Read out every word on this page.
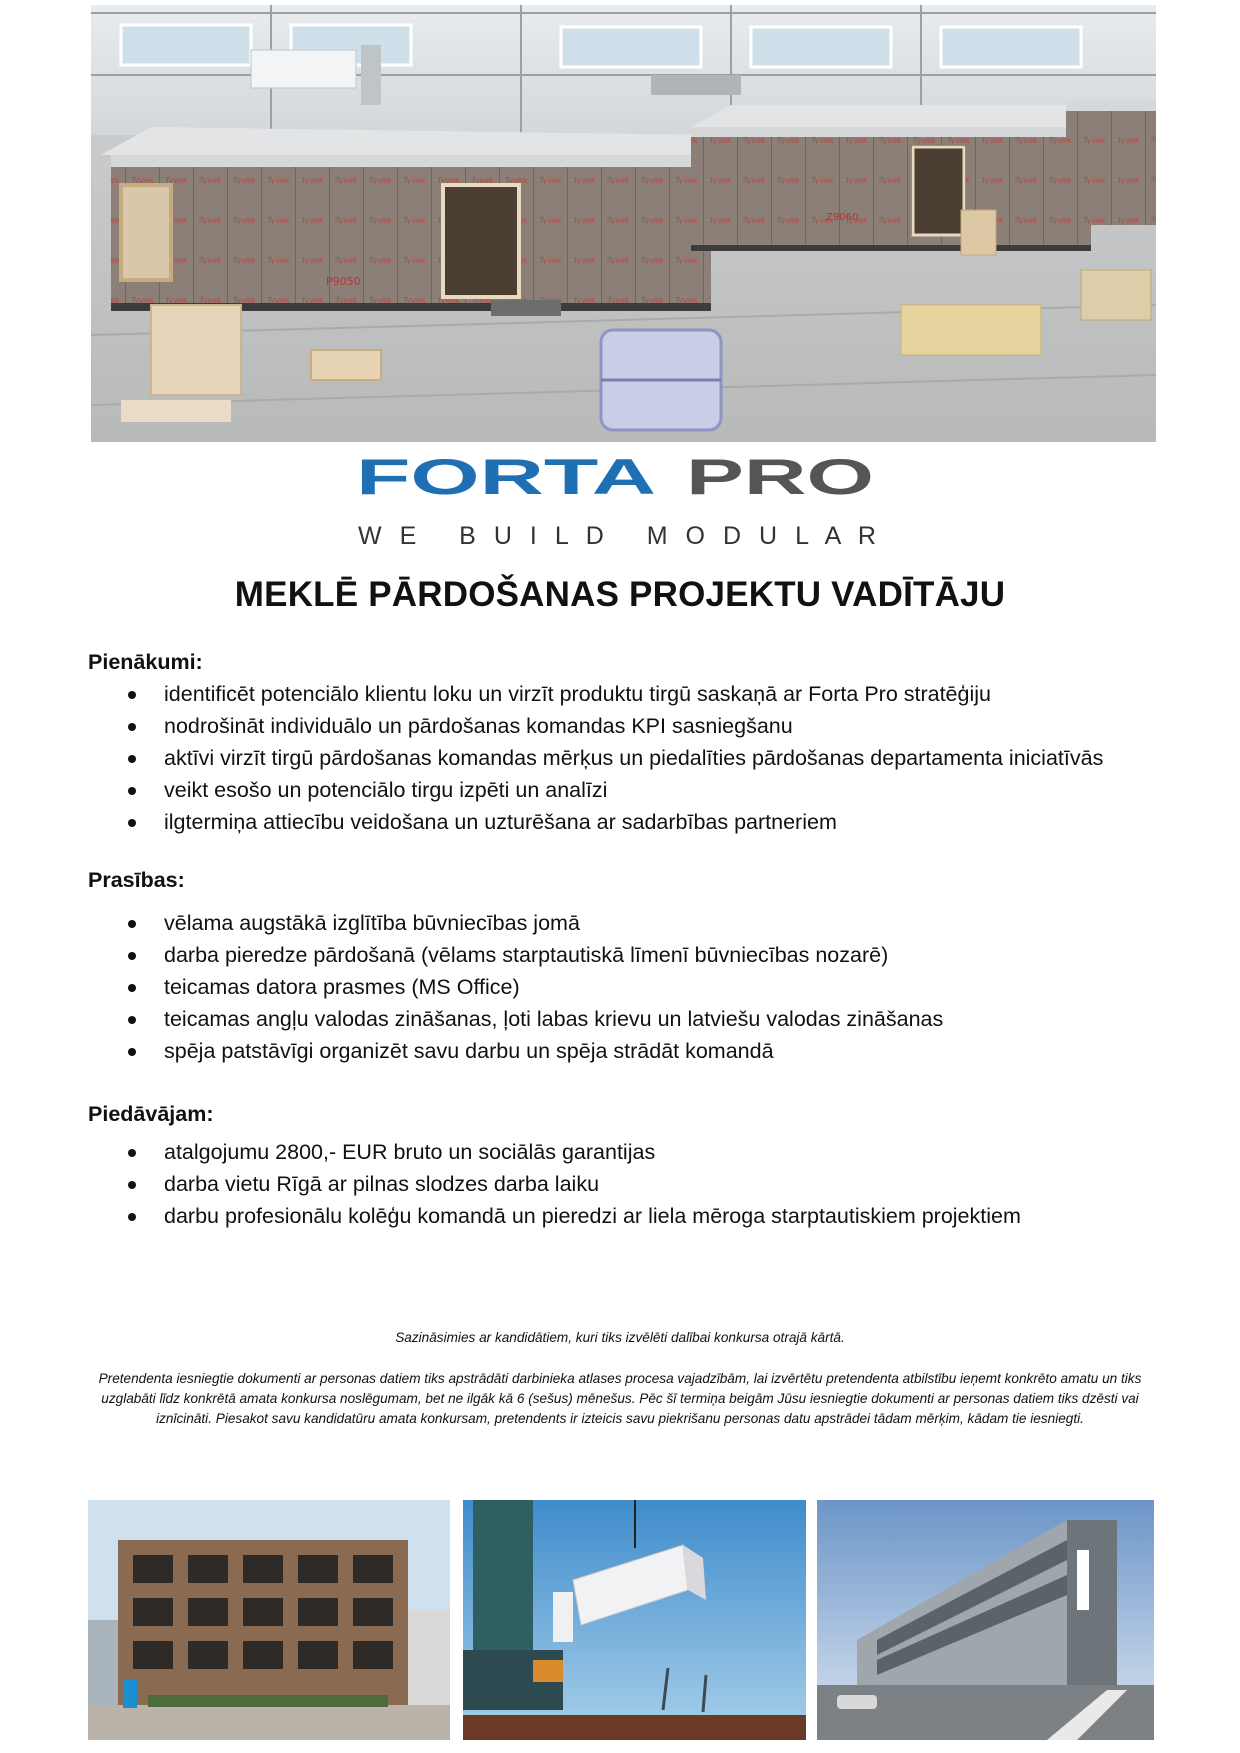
P9050
Z9060
FORTA PRO
W E   B U I L D   M O D U L A R
MEKLĒ PĀRDOŠANAS PROJEKTU VADĪTĀJU
Pienākumi:
identificēt potenciālo klientu loku un virzīt produktu tirgū saskaņā ar Forta Pro stratēģiju
nodrošināt individuālo un pārdošanas komandas KPI sasniegšanu
aktīvi virzīt tirgū pārdošanas komandas mērķus un piedalīties pārdošanas departamenta iniciatīvās
veikt esošo un potenciālo tirgu izpēti un analīzi
ilgtermiņa attiecību veidošana un uzturēšana ar sadarbības partneriem
Prasības:
vēlama augstākā izglītība būvniecības jomā
darba pieredze pārdošanā (vēlams starptautiskā līmenī būvniecības nozarē)
teicamas datora prasmes (MS Office)
teicamas angļu valodas zināšanas, ļoti labas krievu un latviešu valodas zināšanas
spēja patstāvīgi organizēt savu darbu un spēja strādāt komandā
Piedāvājam:
atalgojumu 2800,- EUR bruto un sociālās garantijas
darba vietu Rīgā ar pilnas slodzes darba laiku
darbu profesionālu kolēģu komandā un pieredzi ar liela mēroga starptautiskiem projektiem
Sazināsimies ar kandidātiem, kuri tiks izvēlēti dalībai konkursa otrajā kārtā.
Pretendenta iesniegtie dokumenti ar personas datiem tiks apstrādāti darbinieka atlases procesa vajadzībām, lai izvērtētu pretendenta atbilstību ieņemt konkrēto amatu un tiks uzglabāti līdz konkrētā amata konkursa noslēgumam, bet ne ilgāk kā 6 (sešus) mēnešus. Pēc šī termiņa beigām Jūsu iesniegtie dokumenti ar personas datiem tiks dzēsti vai iznīcināti. Piesakot savu kandidatūru amata konkursam, pretendents ir izteicis savu piekrišanu personas datu apstrādei tādam mērķim, kādam tie iesniegti.
